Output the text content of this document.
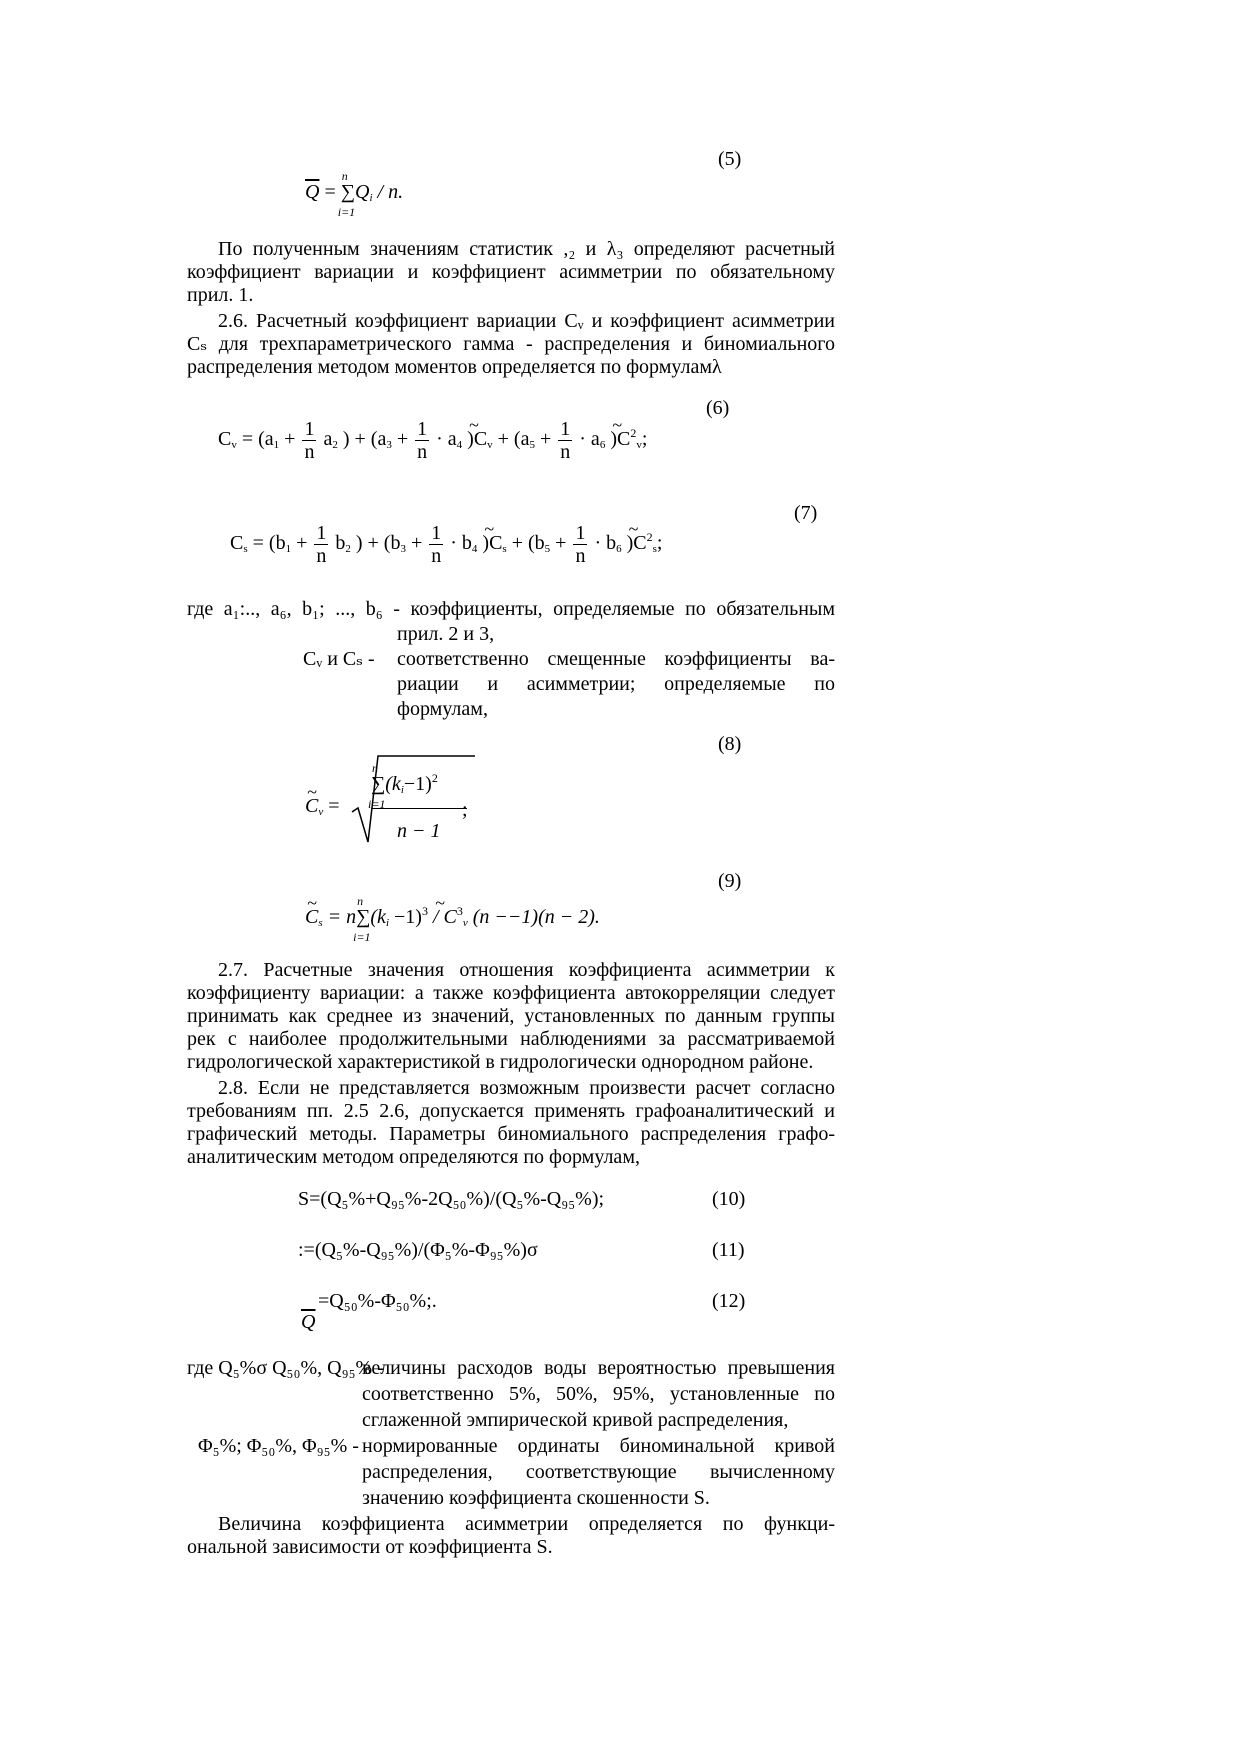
(5)
$\overline{Q}$ = ∑
n
i=1
$Q_i$ / n.
По полученным значениям статистик ,₂ и λ₃ определяют расчетный
коэффициент вариации и коэффициент асимметрии по обязательному
прил. 1.
2.6. Расчетный коэффициент вариации Cᵥ и коэффициент асимметрии
Cₛ для трехпараметрического гамма - распределения и биномиального
распределения методом моментов определяется по формуламλ
(6)
$C_v = (a_1 + \frac{1}{n} a_2$ ) + ($a_3 + \frac{1}{n} \cdot a_4$ ~ )$C_v + (a_5 + \frac{1}{n} \cdot a_6$ ~ )$C^2_v$;
(7)
$C_s = (b_1 + \frac{1}{n} b_2$ ) + ($b_3 + \frac{1}{n} \cdot b_4$ ~ )$C_s + (b_5 + \frac{1}{n} \cdot b_6$ ~ )$C^2_s$;
где a₁:.., a₆, b₁; ..., b₆ - коэффициенты, определяемые по обязательным
прил. 2 и 3,
Cᵥ и Cₛ - соответственно смещенные коэффициенты ва-
риации и асимметрии; определяемые по
формулам,
(8)
~ $C_v$ =
∑
n
i=1
$(k_i-1)^2$
n − 1
;
(9)
~ $C_s = n\sum$
n
i=1
$(k_i -1)^3$ ~ / $C^3_v$ (n −−1)(n − 2).
2.7. Расчетные значения отношения коэффициента асимметрии к
коэффициенту вариации: а также коэффициента автокорреляции следует
принимать как среднее из значений, установленных по данным группы
рек с наиболее продолжительными наблюдениями за рассматриваемой
гидрологической характеристикой в гидрологически однородном районе.
2.8. Если не представляется возможным произвести расчет согласно
требованиям пп. 2.5 2.6, допускается применять графоаналитический и
графический методы. Параметры биномиального распределения графо-
аналитическим методом определяются по формулам,
S=(Q₅%+Q₉₅%-2Q₅₀%)/(Q₅%-Q₉₅%);	(10)
:=(Q₅%-Q₉₅%)/(Φ₅%-Φ₉₅%)σ	(11)
=Q₅₀%-Φ₅₀%;.
$\overline{Q}$
(12)
где Q₅%σ Q₅₀%, Q₉₅% -
величины расходов воды вероятностью превышения
соответственно 5%, 50%, 95%, установленные по
сглаженной эмпирической кривой распределения,
Φ₅%; Φ₅₀%, Φ₉₅% - нормированные ординаты биноминальной кривой
распределения, соответствующие вычисленному
значению коэффициента скошенности S.
Величина коэффициента асимметрии определяется по функци-
ональной зависимости от коэффициента S.
